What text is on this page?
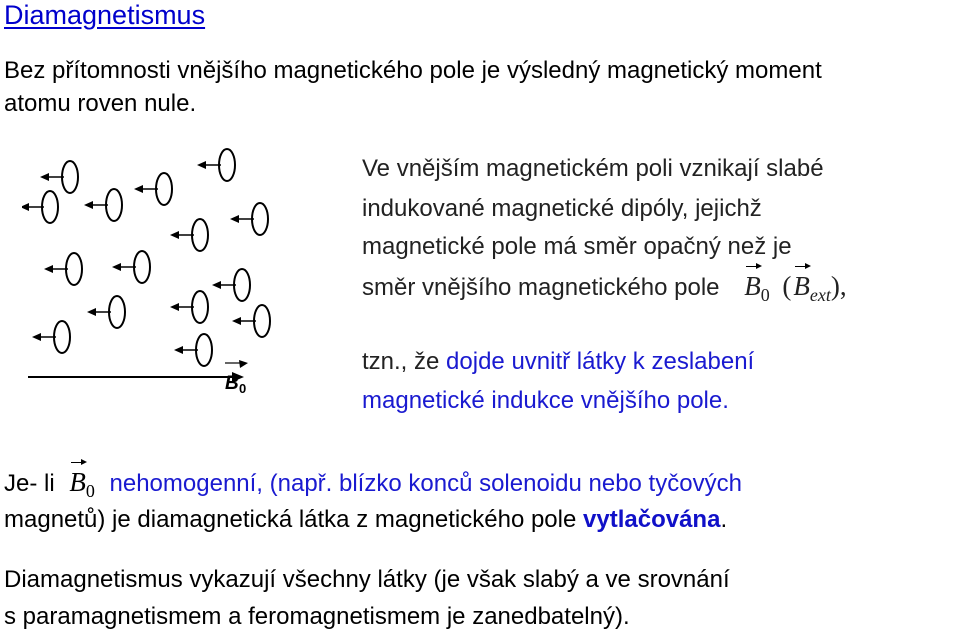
Diamagnetismus
Bez přítomnosti vnějšího magnetického pole je výsledný magnetický moment
atomu roven nule.
B 0
Ve vnějším magnetickém poli vznikají slabé
indukované magnetické dipóly, jejichž
magnetické pole má směr opačný než je
směr vnějšího magnetického pole $B_0$ $(B_{ext})$,
tzn., že dojde uvnitř látky k zeslabení
magnetické indukce vnějšího pole.
Je- li $B_0$ nehomogenní, (např. blízko konců solenoidu nebo tyčových
magnetů) je diamagnetická látka z magnetického pole vytlačována.
Diamagnetismus vykazují všechny látky (je však slabý a ve srovnání
s paramagnetismem a feromagnetismem je zanedbatelný).
